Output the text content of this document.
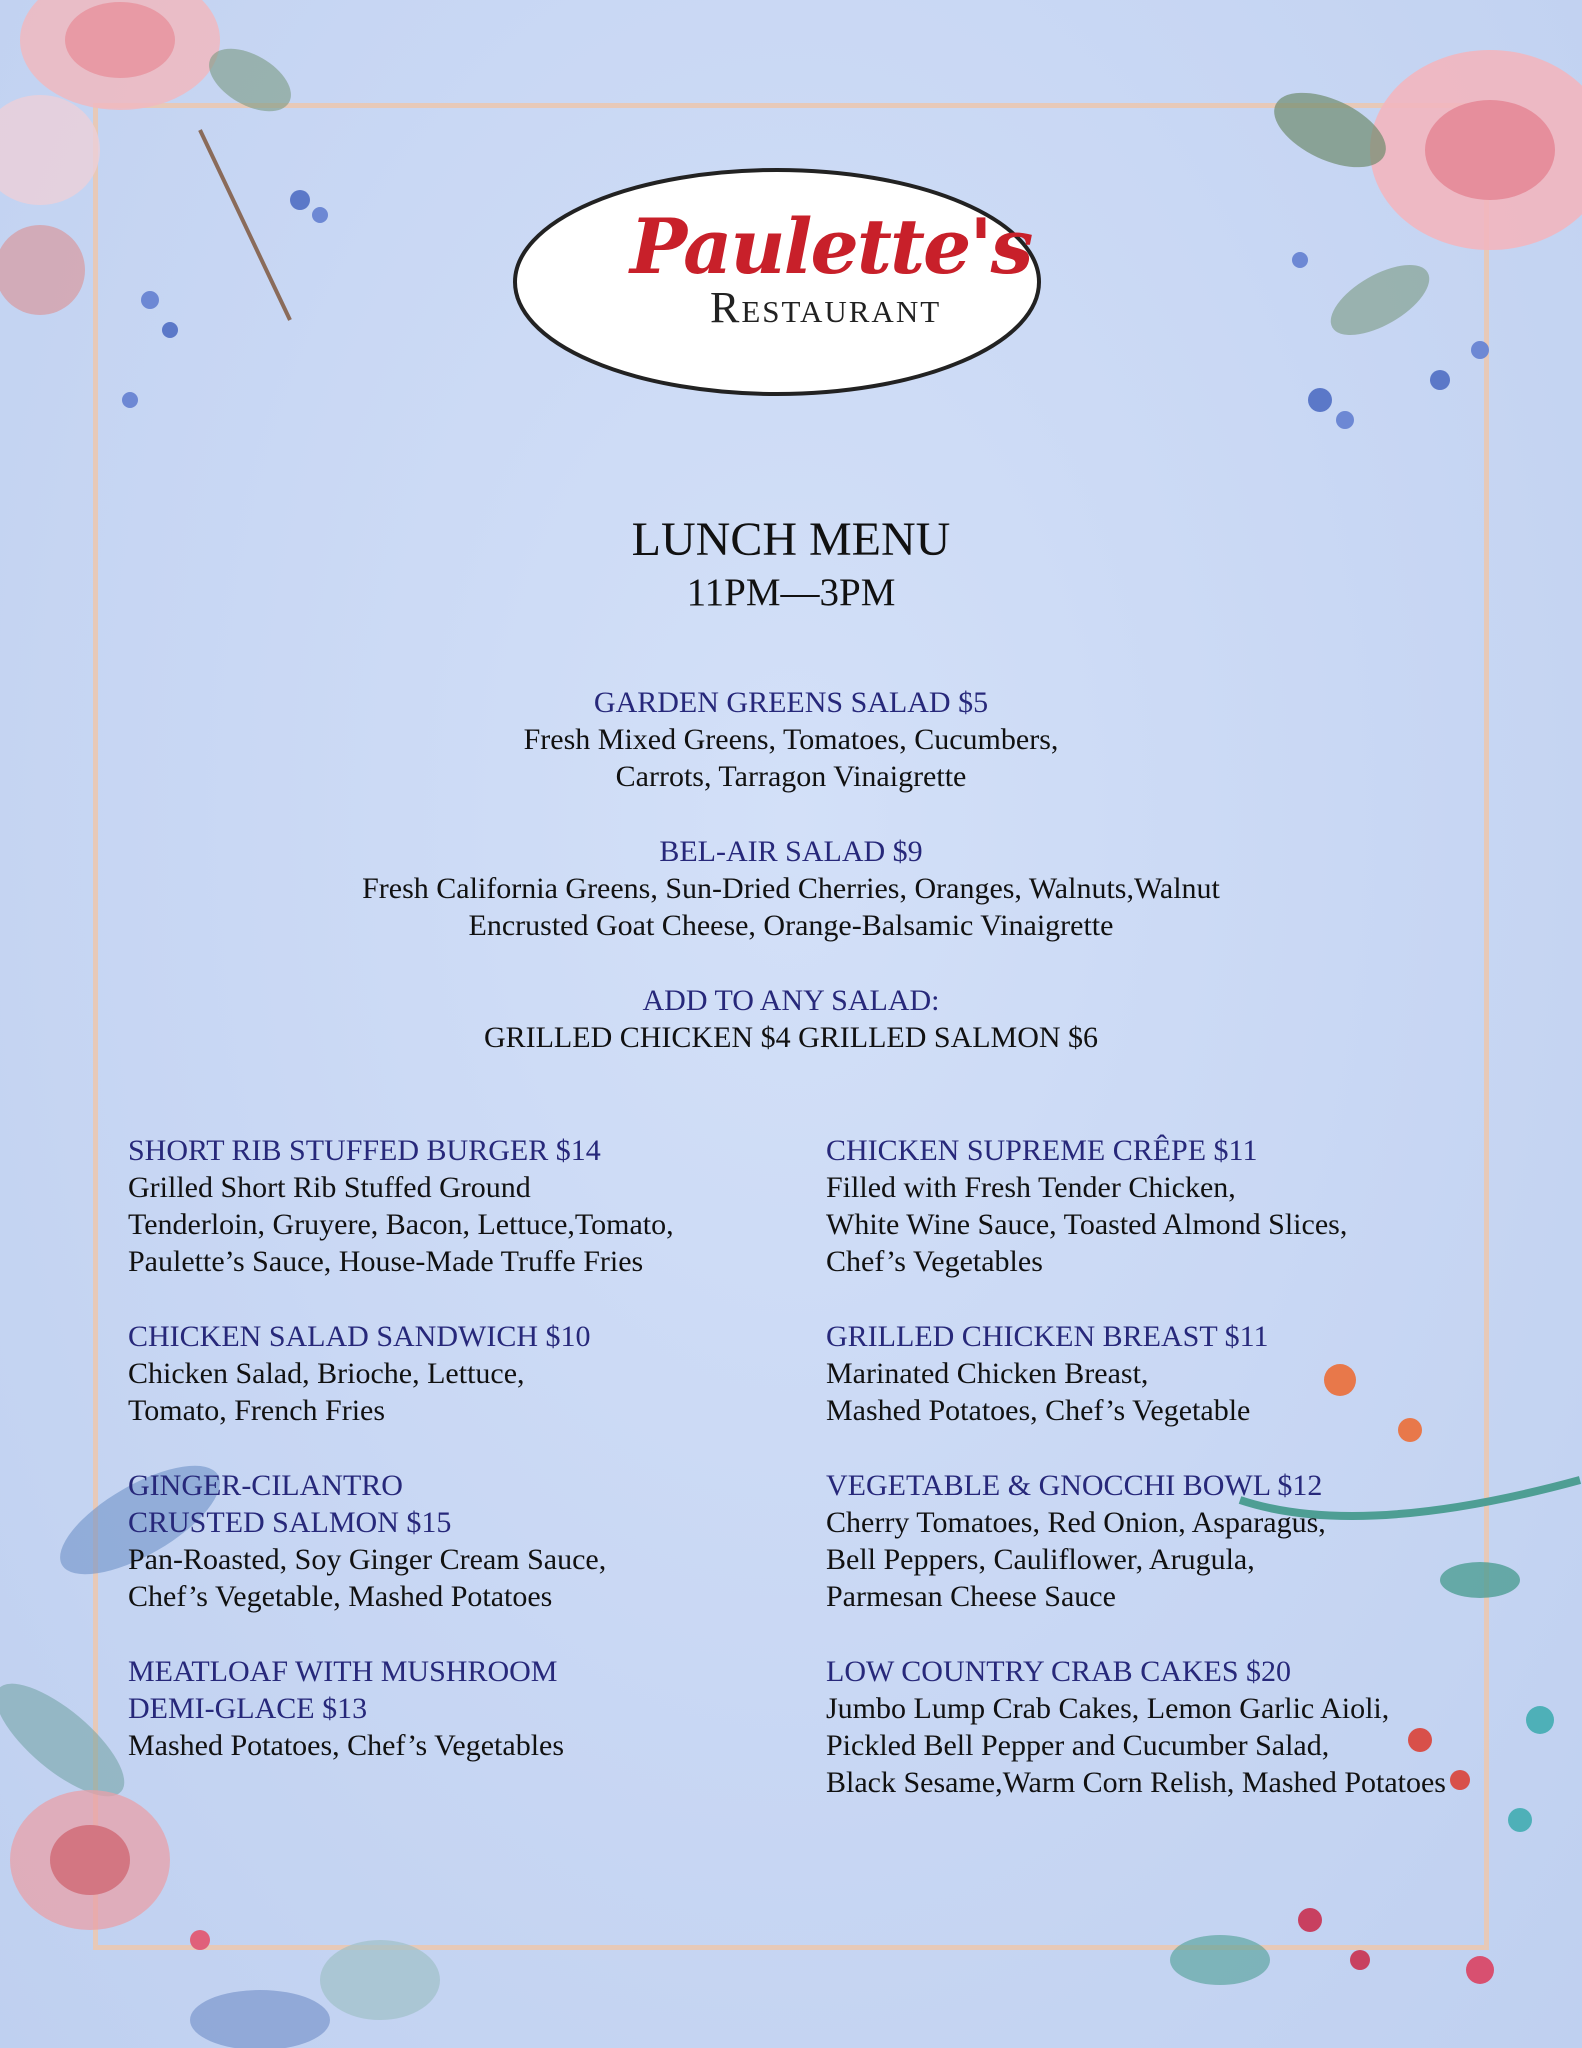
Paulette's
Restaurant
LUNCH MENU
11PM—3PM
GARDEN GREENS SALAD $5
Fresh Mixed Greens, Tomatoes, Cucumbers,
Carrots, Tarragon Vinaigrette
BEL-AIR SALAD $9
Fresh California Greens, Sun-Dried Cherries, Oranges, Walnuts,Walnut
Encrusted Goat Cheese, Orange-Balsamic Vinaigrette
ADD TO ANY SALAD:
GRILLED CHICKEN $4 GRILLED SALMON $6
SHORT RIB STUFFED BURGER $14
Grilled Short Rib Stuffed Ground
Tenderloin, Gruyere, Bacon, Lettuce,Tomato,
Paulette’s Sauce, House-Made Truffe Fries
CHICKEN SALAD SANDWICH $10
Chicken Salad, Brioche, Lettuce,
Tomato, French Fries
GINGER-CILANTRO
CRUSTED SALMON $15
Pan-Roasted, Soy Ginger Cream Sauce,
Chef’s Vegetable, Mashed Potatoes
MEATLOAF WITH MUSHROOM
DEMI-GLACE $13
Mashed Potatoes, Chef’s Vegetables
CHICKEN SUPREME CRÊPE $11
Filled with Fresh Tender Chicken,
White Wine Sauce, Toasted Almond Slices,
Chef’s Vegetables
GRILLED CHICKEN BREAST $11
Marinated Chicken Breast,
Mashed Potatoes, Chef’s Vegetable
VEGETABLE & GNOCCHI BOWL $12
Cherry Tomatoes, Red Onion, Asparagus,
Bell Peppers, Cauliflower, Arugula,
Parmesan Cheese Sauce
LOW COUNTRY CRAB CAKES $20
Jumbo Lump Crab Cakes, Lemon Garlic Aioli,
Pickled Bell Pepper and Cucumber Salad,
Black Sesame,Warm Corn Relish, Mashed Potatoes
